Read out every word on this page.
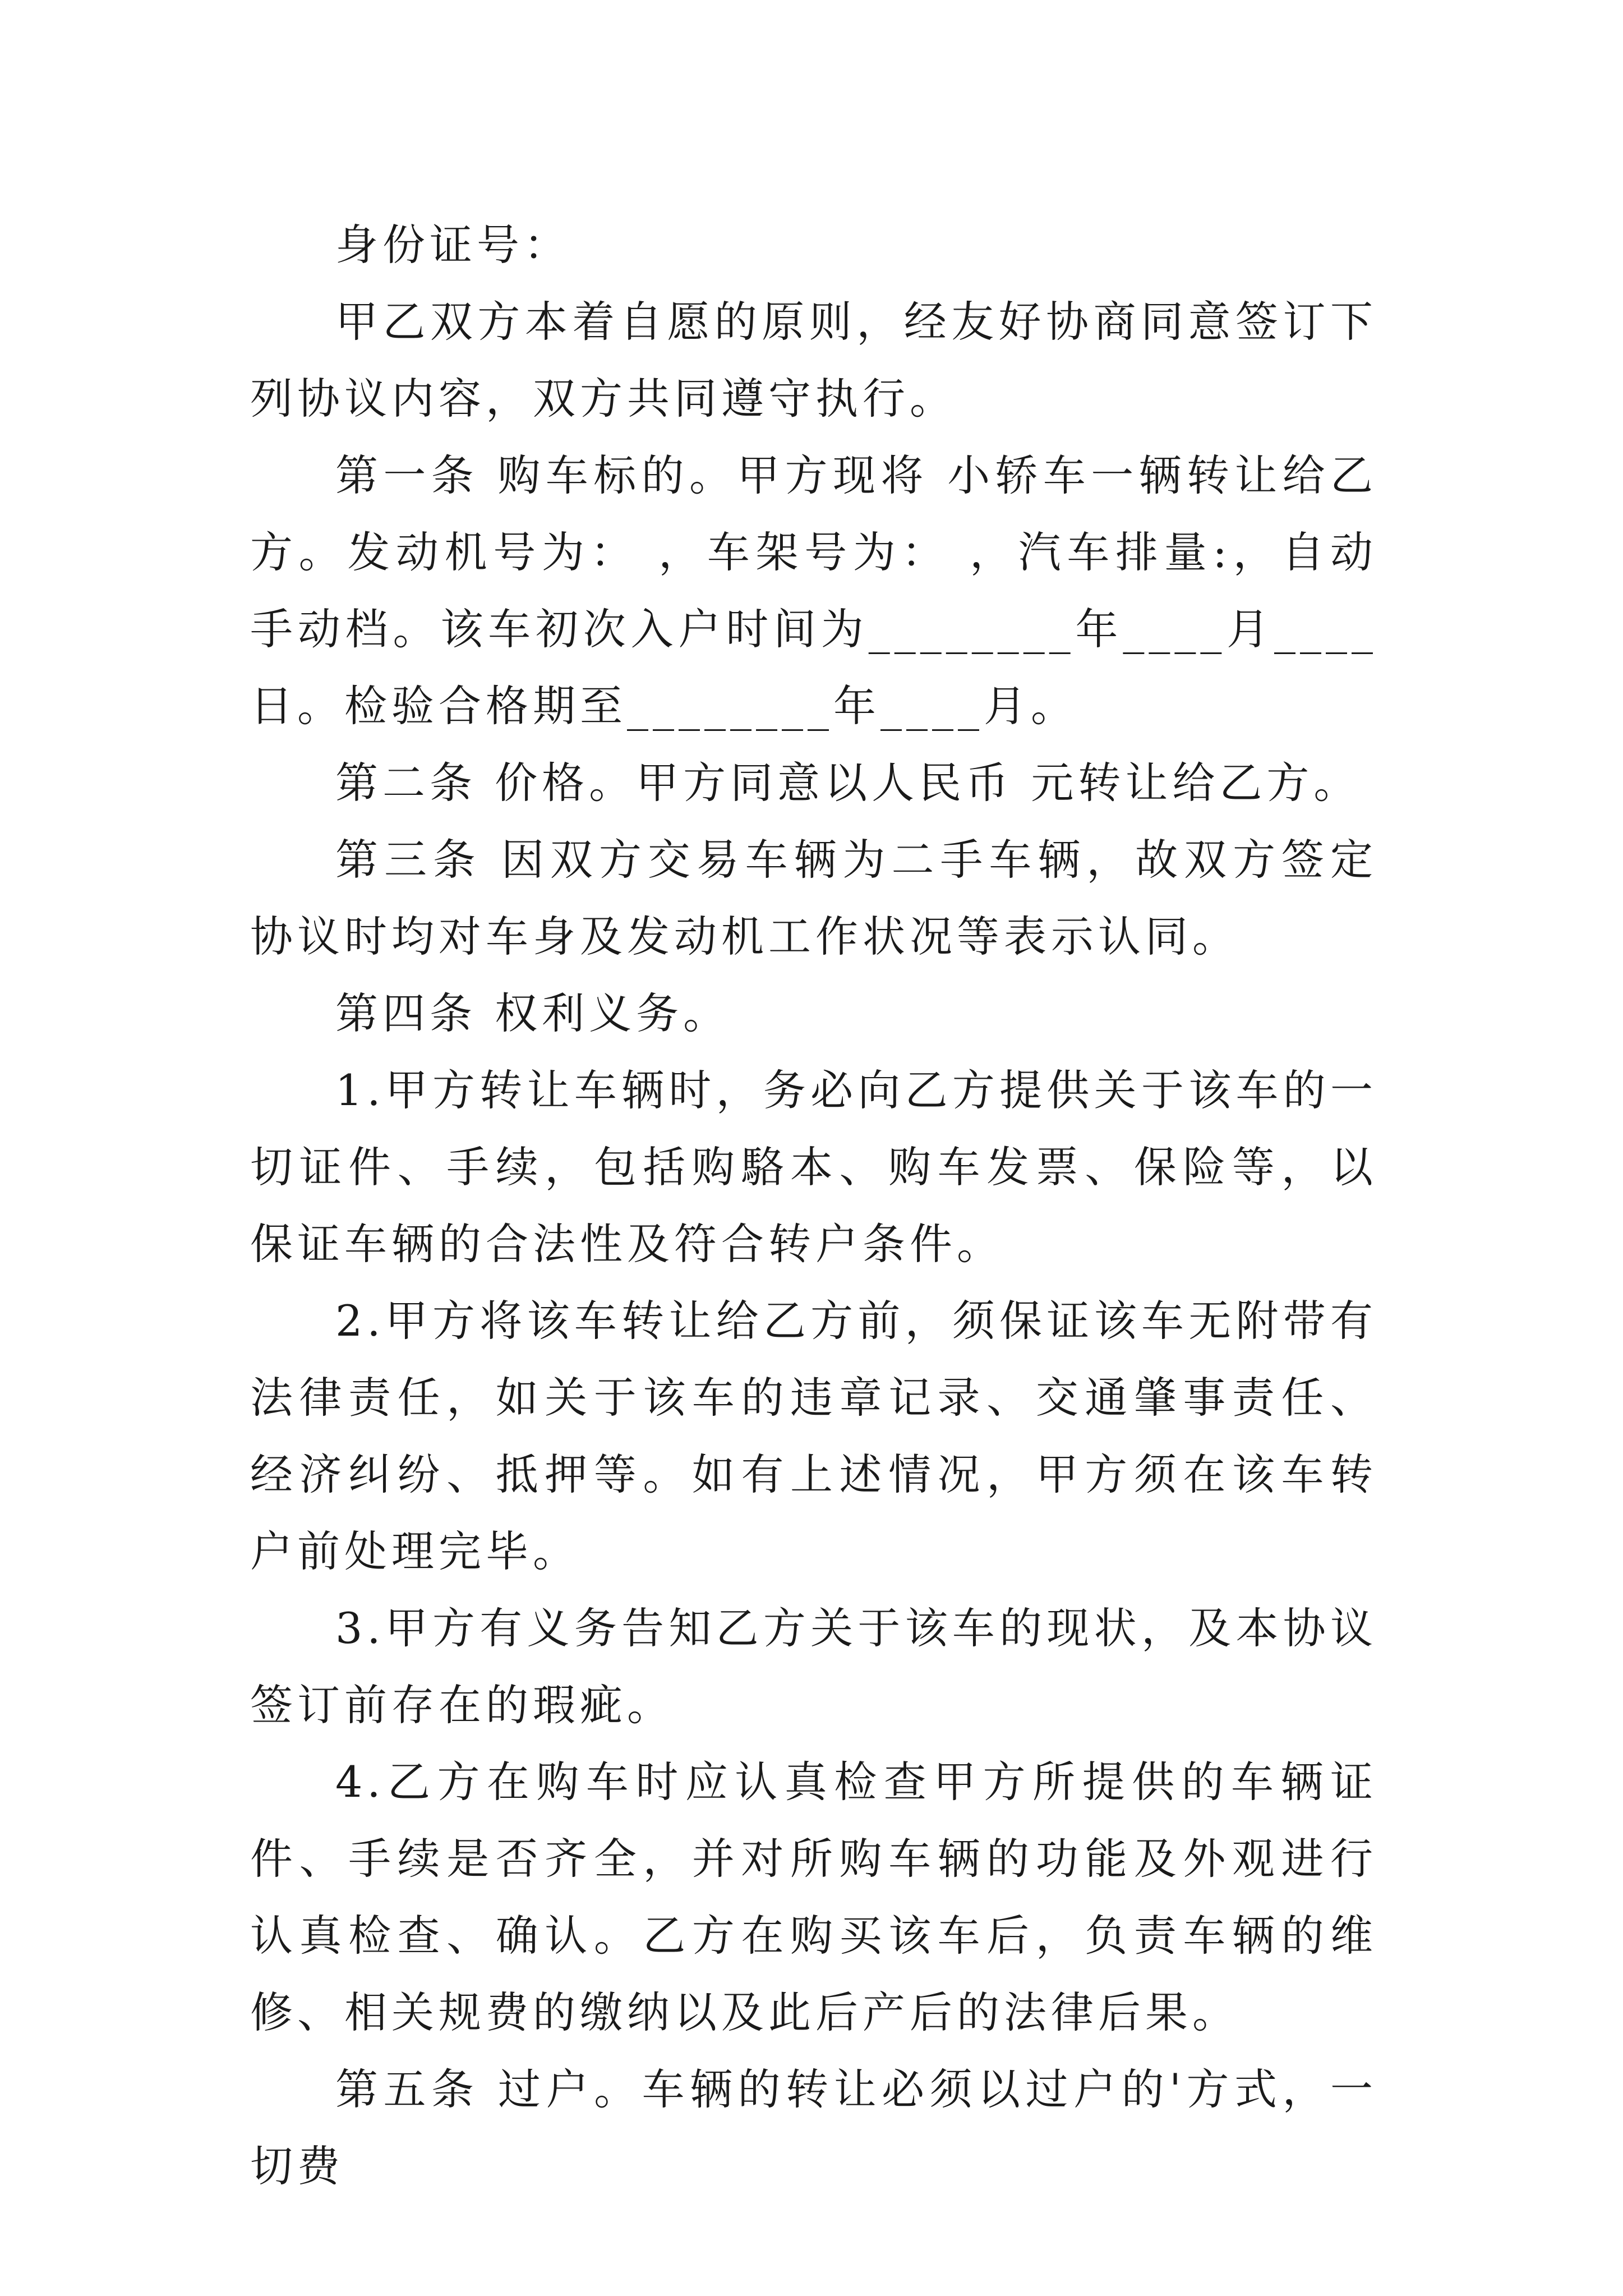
身份证号：

甲乙双方本着自愿的原则，经友好协商同意签订下列协议内容，双方共同遵守执行。

第一条 购车标的。甲方现将 小轿车一辆转让给乙方。发动机号为： ，车架号为： ，汽车排量:，自动手动档。该车初次入户时间为________年____月____日。检验合格期至________年____月。

第二条 价格。甲方同意以人民币 元转让给乙方。

第三条 因双方交易车辆为二手车辆，故双方签定协议时均对车身及发动机工作状况等表示认同。

第四条 权利义务。

1.甲方转让车辆时，务必向乙方提供关于该车的一切证件、手续，包括购駱本、购车发票、保险等，以保证车辆的合法性及符合转户条件。

2.甲方将该车转让给乙方前，须保证该车无附带有法律责任，如关于该车的违章记录、交通肇事责任、经济纠纷、抵押等。如有上述情况，甲方须在该车转户前处理完毕。

3.甲方有义务告知乙方关于该车的现状，及本协议签订前存在的瑕疵。

4.乙方在购车时应认真检查甲方所提供的车辆证件、手续是否齐全，并对所购车辆的功能及外观进行认真检查、确认。乙方在购买该车后，负责车辆的维修、相关规费的缴纳以及此后产后的法律后果。

第五条 过户。车辆的转让必须以过户的'方式，一切费
